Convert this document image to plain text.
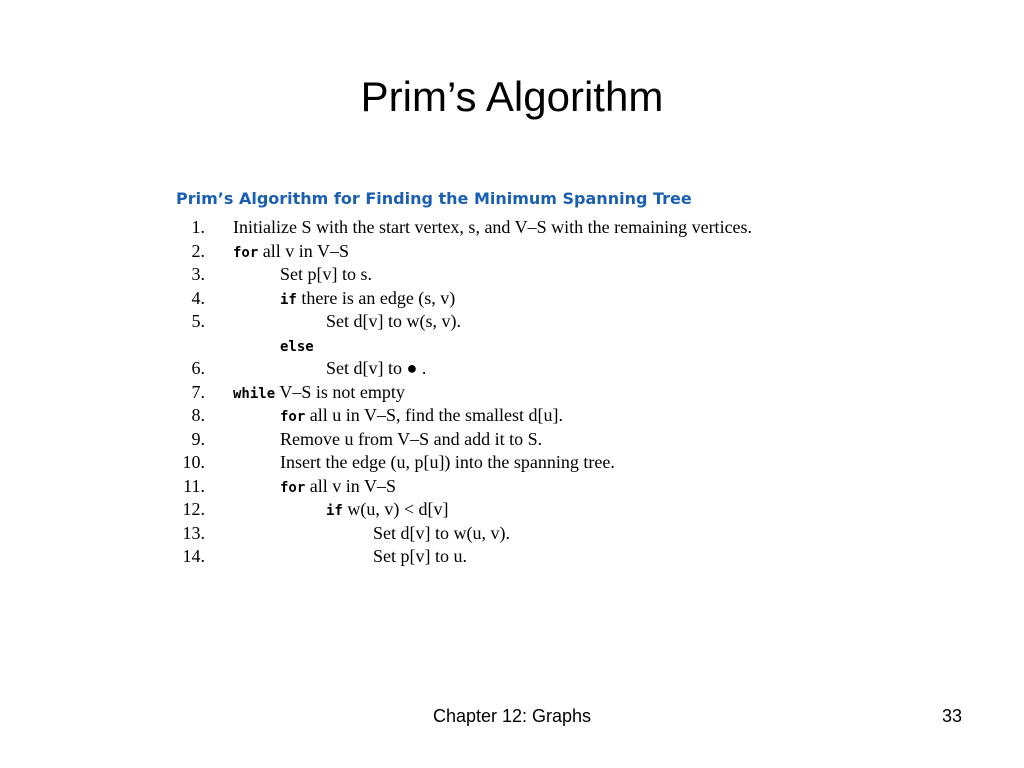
Prim’s Algorithm
Prim’s Algorithm for Finding the Minimum Spanning Tree
1. Initialize S with the start vertex, s, and V–S with the remaining vertices.
2. for all v in V–S
3.	Set p[v] to s.
4.	if there is an edge (s, v)
5.	Set d[v] to w(s, v).
else
6.	Set d[v] to ● .
7. while V–S is not empty
8.	for all u in V–S, find the smallest d[u].
9.	Remove u from V–S and add it to S.
10.	Insert the edge (u, p[u]) into the spanning tree.
11.	for all v in V–S
12.	if w(u, v) < d[v]
13.	Set d[v] to w(u, v).
14.	Set p[v] to u.
Chapter 12: Graphs	33
